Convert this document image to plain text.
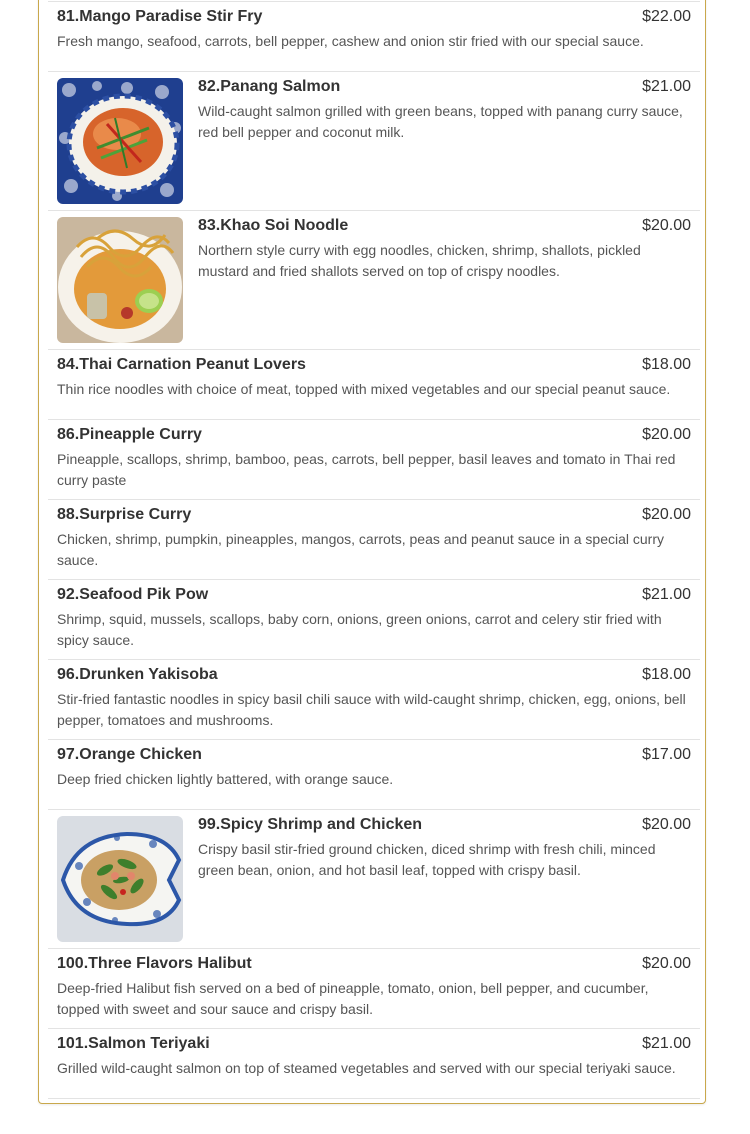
81.Mango Paradise Stir Fry	$22.00
Fresh mango, seafood, carrots, bell pepper, cashew and onion stir fried with our special sauce.
82.Panang Salmon	$21.00
Wild-caught salmon grilled with green beans, topped with panang curry sauce, red bell pepper and coconut milk.
83.Khao Soi Noodle	$20.00
Northern style curry with egg noodles, chicken, shrimp, shallots, pickled mustard and fried shallots served on top of crispy noodles.
84.Thai Carnation Peanut Lovers	$18.00
Thin rice noodles with choice of meat, topped with mixed vegetables and our special peanut sauce.
86.Pineapple Curry	$20.00
Pineapple, scallops, shrimp, bamboo, peas, carrots, bell pepper, basil leaves and tomato in Thai red curry paste
88.Surprise Curry	$20.00
Chicken, shrimp, pumpkin, pineapples, mangos, carrots, peas and peanut sauce in a special curry sauce.
92.Seafood Pik Pow	$21.00
Shrimp, squid, mussels, scallops, baby corn, onions, green onions, carrot and celery stir fried with spicy sauce.
96.Drunken Yakisoba	$18.00
Stir-fried fantastic noodles in spicy basil chili sauce with wild-caught shrimp, chicken, egg, onions, bell pepper, tomatoes and mushrooms.
97.Orange Chicken	$17.00
Deep fried chicken lightly battered, with orange sauce.
99.Spicy Shrimp and Chicken	$20.00
Crispy basil stir-fried ground chicken, diced shrimp with fresh chili, minced green bean, onion, and hot basil leaf, topped with crispy basil.
100.Three Flavors Halibut	$20.00
Deep-fried Halibut fish served on a bed of pineapple, tomato, onion, bell pepper, and cucumber, topped with sweet and sour sauce and crispy basil.
101.Salmon Teriyaki	$21.00
Grilled wild-caught salmon on top of steamed vegetables and served with our special teriyaki sauce.
